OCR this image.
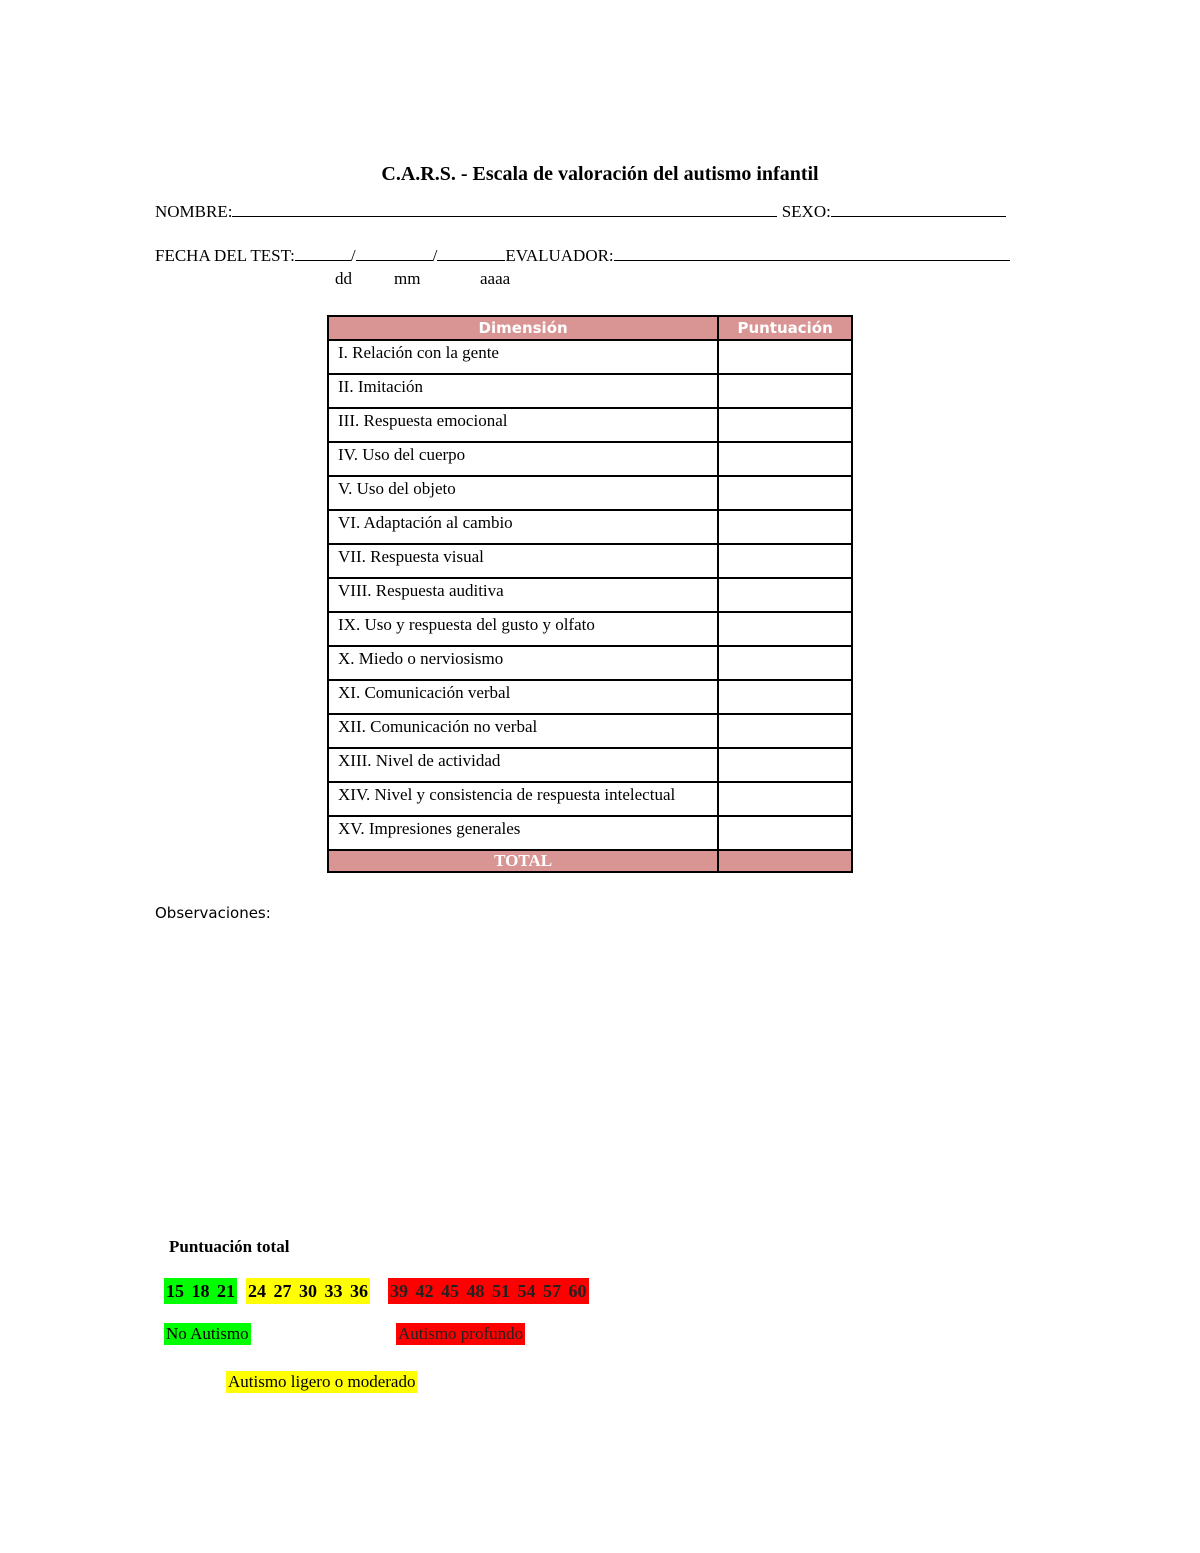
C.A.R.S. - Escala de valoración del autismo infantil
NOMBRE:	SEXO:
FECHA DEL TEST:	/	/	EVALUADOR:
dd mm	aaaa
Dimensión	Puntuación
I. Relación con la gente	
II. Imitación	
III. Respuesta emocional	
IV. Uso del cuerpo	
V. Uso del objeto	
VI. Adaptación al cambio	
VII. Respuesta visual	
VIII. Respuesta auditiva	
IX. Uso y respuesta del gusto y olfato	
X. Miedo o nerviosismo	
XI. Comunicación verbal	
XII. Comunicación no verbal	
XIII. Nivel de actividad	
XIV. Nivel y consistencia de respuesta intelectual	
XV. Impresiones generales	
TOTAL	
Observaciones:
Puntuación total
15 18 21 24 27 30 33 36 39 42 45 48 51 54 57 60
No Autismo	Autismo profundo
Autismo ligero o moderado
